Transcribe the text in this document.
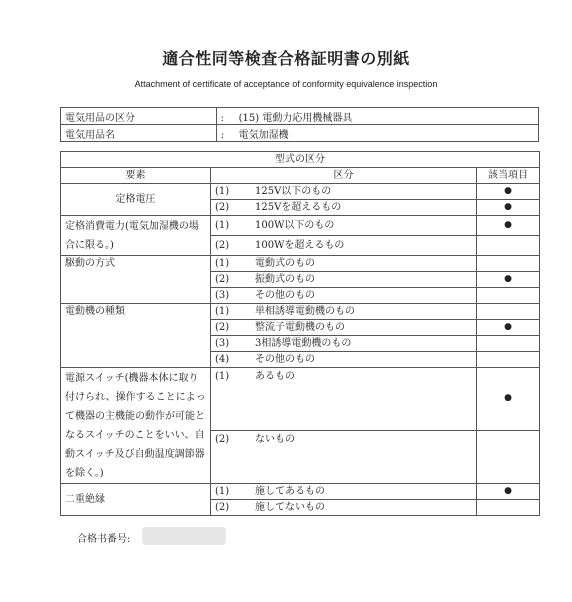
適合性同等検査合格証明書の別紙
Attachment of certificate of acceptance of conformity equivalence inspection
電気用品の区分	: (15) 電動力応用機械器具
電気用品名	: 電気加湿機
型式の区分		
要素	区分	該当項目
定格電圧	(1) 125V以下のもの	●
	(2) 125Vを超えるもの	●
定格消費電力(電気加湿機の場合に限る。)	(1) 100W以下のもの	●
	(2) 100Wを超えるもの	
駆動の方式	(1) 電動式のもの	
	(2) 振動式のもの	●
	(3) その他のもの	
電動機の種類	(1) 単相誘導電動機のもの	
	(2) 整流子電動機のもの	●
	(3) 3相誘導電動機のもの	
	(4) その他のもの	
電源スイッチ(機器本体に取り付けられ、操作することによって機器の主機能の動作が可能となるスイッチのことをいい、自動スイッチ及び自動温度調節器を除く。)	(1) あるもの	●
	(2) ないもの	
二重絶縁	(1) 施してあるもの	●
	(2) 施してないもの	
合格书番号:
